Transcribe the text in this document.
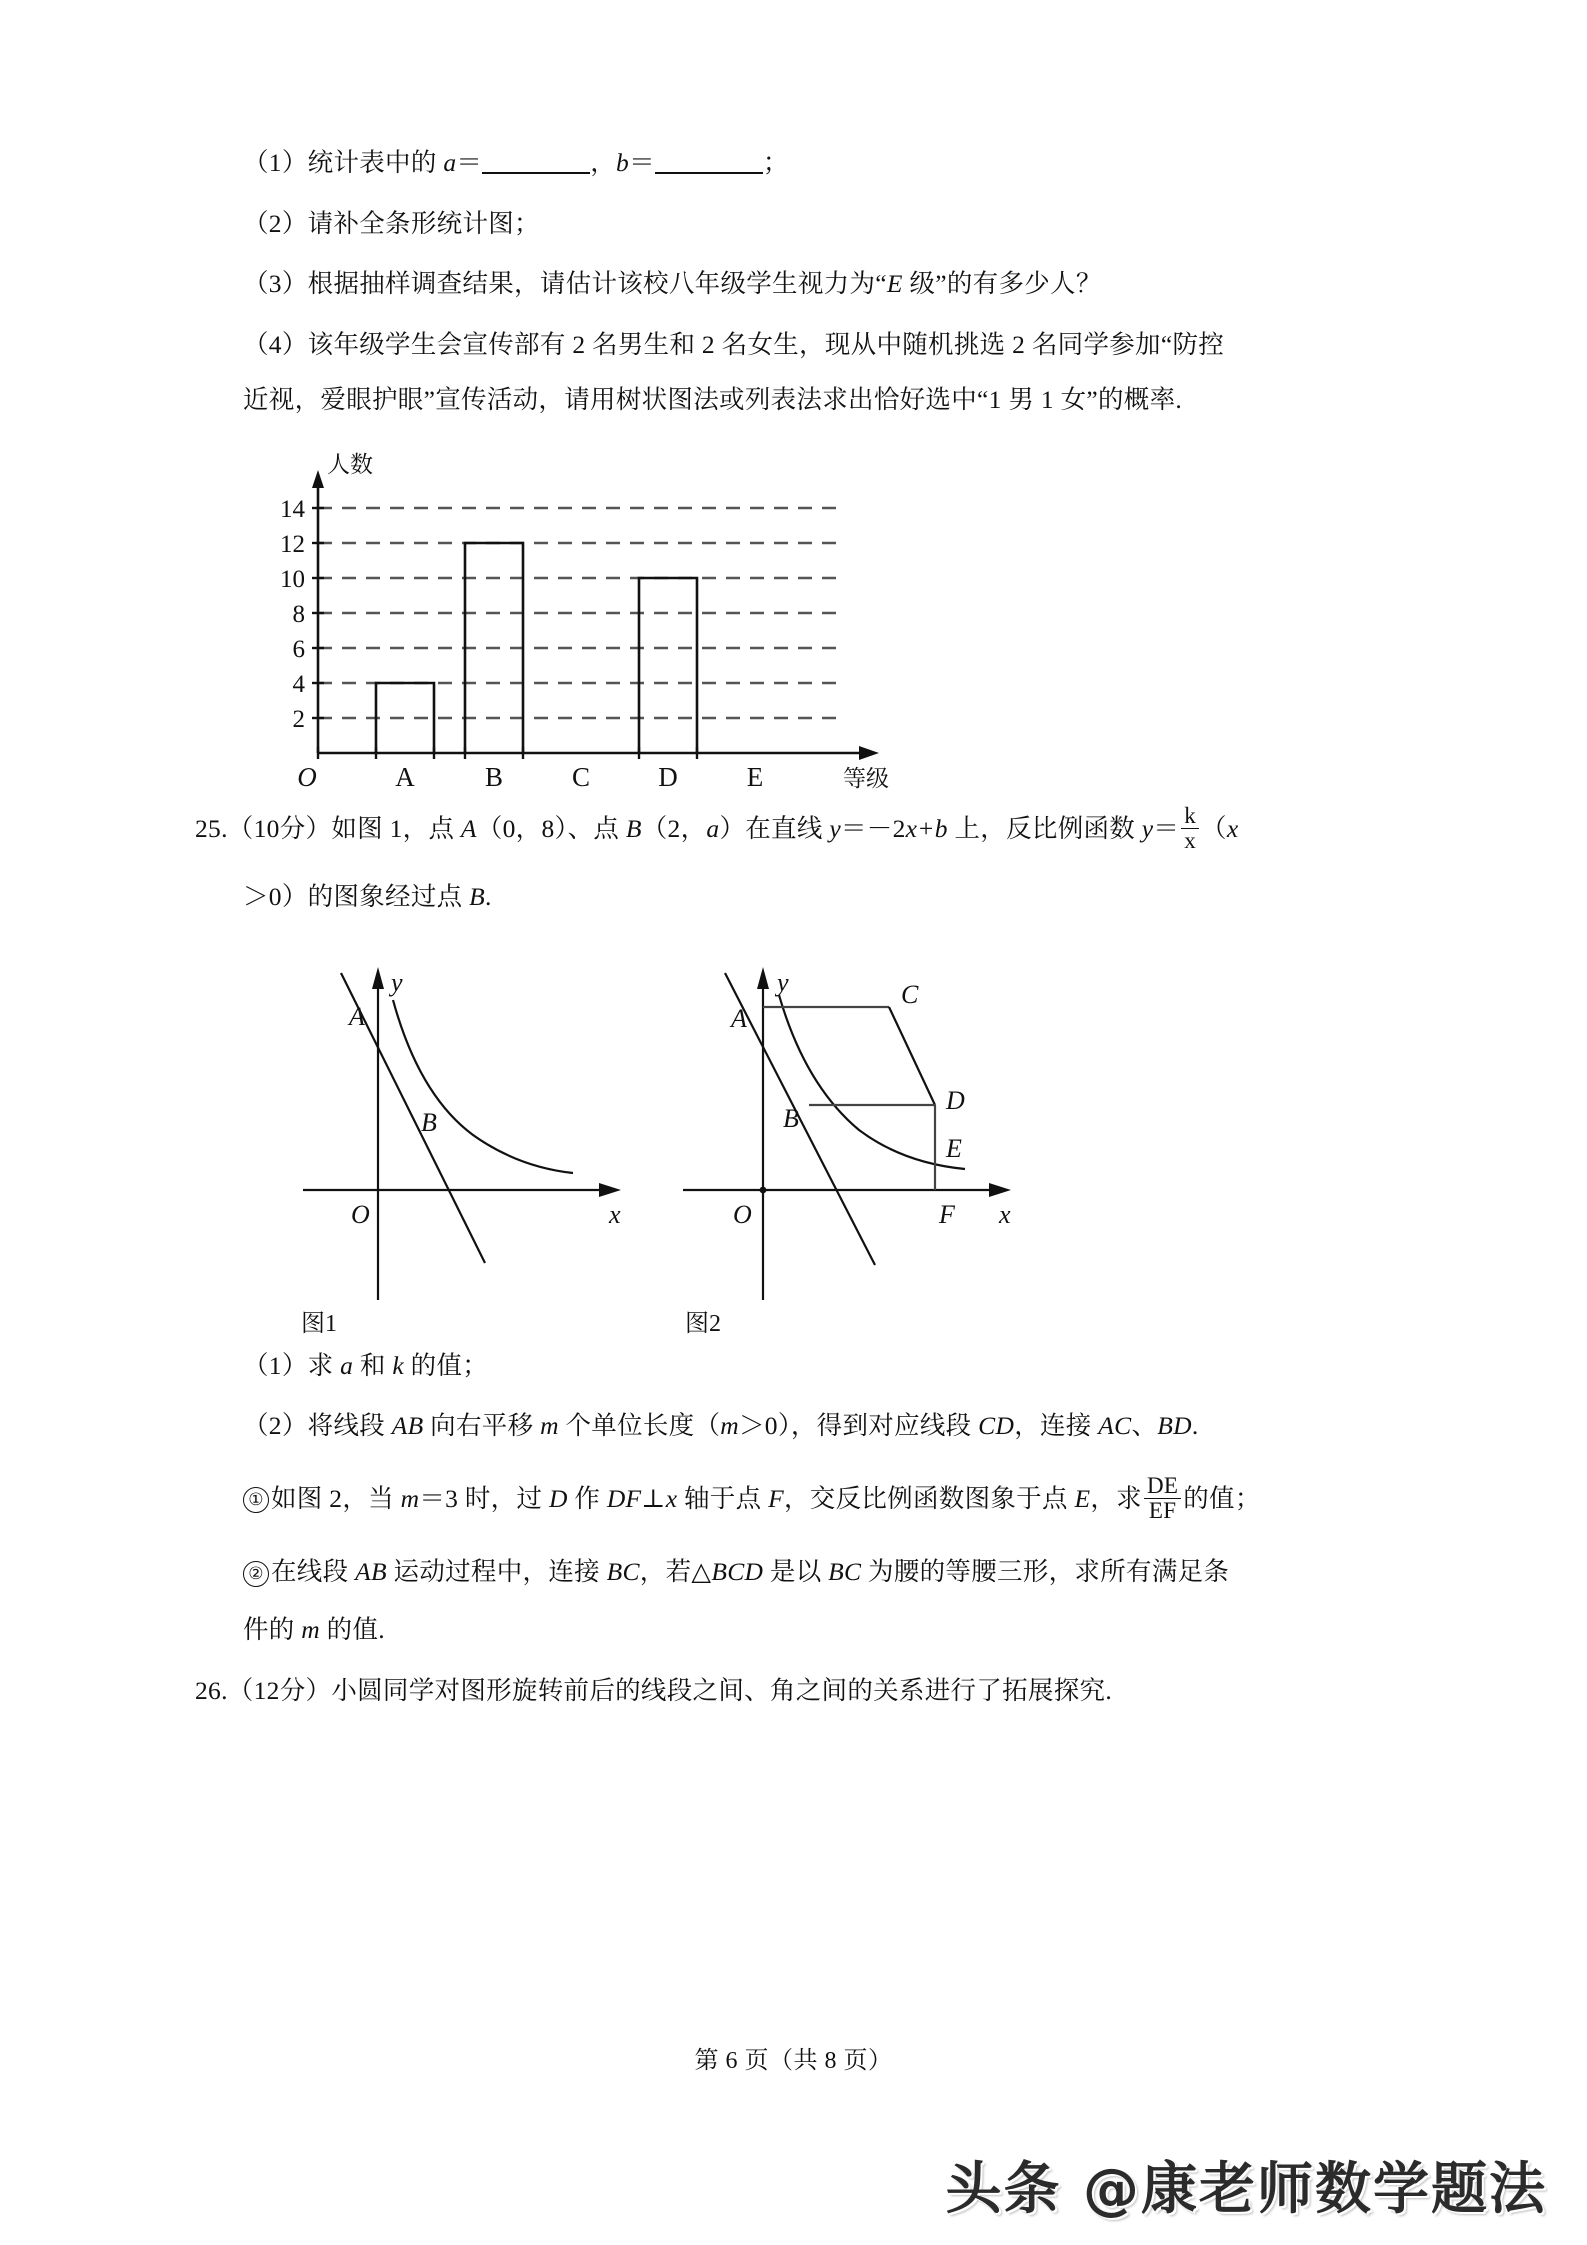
（1）统计表中的 a＝	，b＝	；

（2）请补全条形统计图；

（3）根据抽样调查结果，请估计该校八年级学生视力为“E 级”的有多少人？

（4）该年级学生会宣传部有 2 名男生和 2 名女生，现从中随机挑选 2 名同学参加“防控

近视，爱眼护眼”宣传活动，请用树状图法或列表法求出恰好选中“1 男 1 女”的概率.

2
4
6
8
10
12
14
人数
O	A	B	C	D	E	等级

25.（10分）如图 1，点 A（0，8）、点 B（2，a）在直线 y＝－2x+b 上，反比例函数 $y= \frac{k}{x} (x$

＞0）的图象经过点 B.

A
B
O	x
y
图1
A
B
C
D
E
F
O	x
y
图2

（1）求 a 和 k 的值；

（2）将线段 AB 向右平移 m 个单位长度（m＞0），得到对应线段 CD，连接 AC、BD.

① 如图 2，当 m＝3 时，过 D 作 DF⊥x 轴于点 F，交反比例函数图象于点 E，求 $\frac{DE}{EF}$ 的值；

② 在线段 AB 运动过程中，连接 BC，若△BCD 是以 BC 为腰的等腰三形，求所有满足条

件的 m 的值.

26.（12分）小圆同学对图形旋转前后的线段之间、角之间的关系进行了拓展探究.

第 6 页（共 8 页）
头条 @康老师数学题法
